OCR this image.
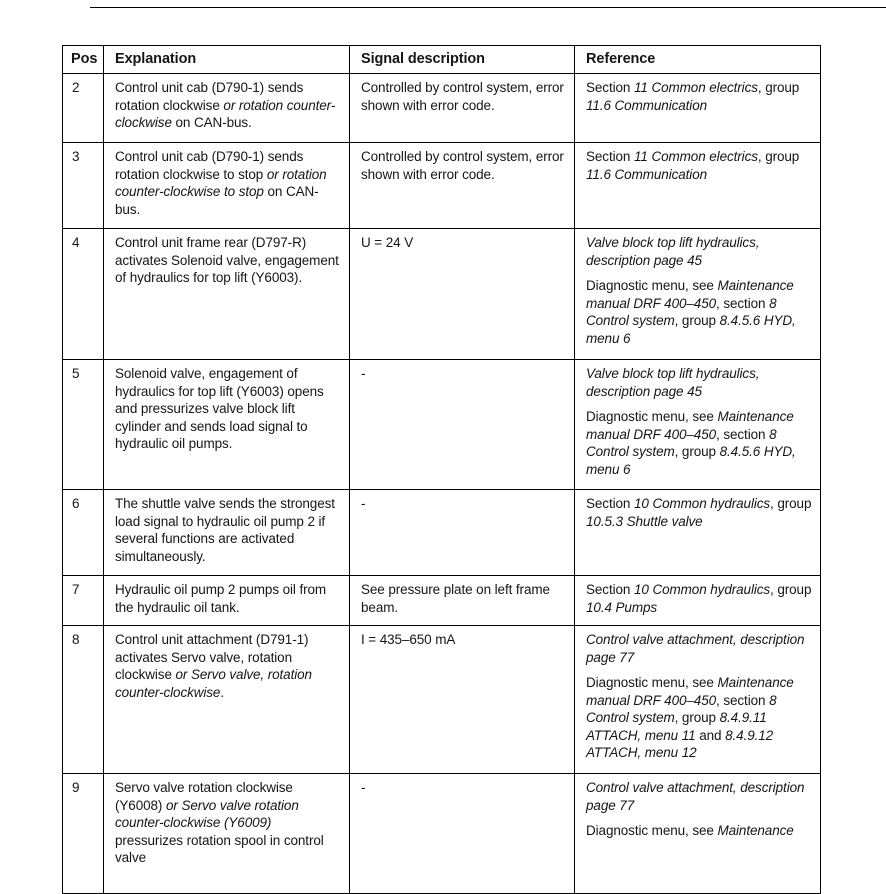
Pos	Explanation	Signal description	Reference
2	Control unit cab (D790-1) sends rotation clockwise or rotation counter-clockwise on CAN-bus.	Controlled by control system, error shown with error code.	Section 11 Common electrics, group 11.6 Communication

3	Control unit cab (D790-1) sends rotation clockwise to stop or rotation counter-clockwise to stop on CAN-bus.	Controlled by control system, error shown with error code.	Section 11 Common electrics, group 11.6 Communication

4	Control unit frame rear (D797-R) activates Solenoid valve, engagement of hydraulics for top lift (Y6003).	U = 24 V	Valve block top lift hydraulics, description page 45

Diagnostic menu, see Maintenance manual DRF 400–450, section 8 Control system, group 8.4.5.6 HYD, menu 6

5	Solenoid valve, engagement of hydraulics for top lift (Y6003) opens and pressurizes valve block lift cylinder and sends load signal to hydraulic oil pumps.	-	Valve block top lift hydraulics, description page 45

Diagnostic menu, see Maintenance manual DRF 400–450, section 8 Control system, group 8.4.5.6 HYD, menu 6

6	The shuttle valve sends the strongest load signal to hydraulic oil pump 2 if several functions are activated simultaneously.	-	Section 10 Common hydraulics, group 10.5.3 Shuttle valve

7	Hydraulic oil pump 2 pumps oil from the hydraulic oil tank.	See pressure plate on left frame beam.	Section 10 Common hydraulics, group 10.4 Pumps

8	Control unit attachment (D791-1) activates Servo valve, rotation clockwise or Servo valve, rotation counter-clockwise.	I = 435–650 mA	Control valve attachment, description page 77

Diagnostic menu, see Maintenance manual DRF 400–450, section 8 Control system, group 8.4.9.11 ATTACH, menu 11 and 8.4.9.12 ATTACH, menu 12

9	Servo valve rotation clockwise (Y6008) or Servo valve rotation counter-clockwise (Y6009) pressurizes rotation spool in control valve	-	Control valve attachment, description page 77

Diagnostic menu, see Maintenance
